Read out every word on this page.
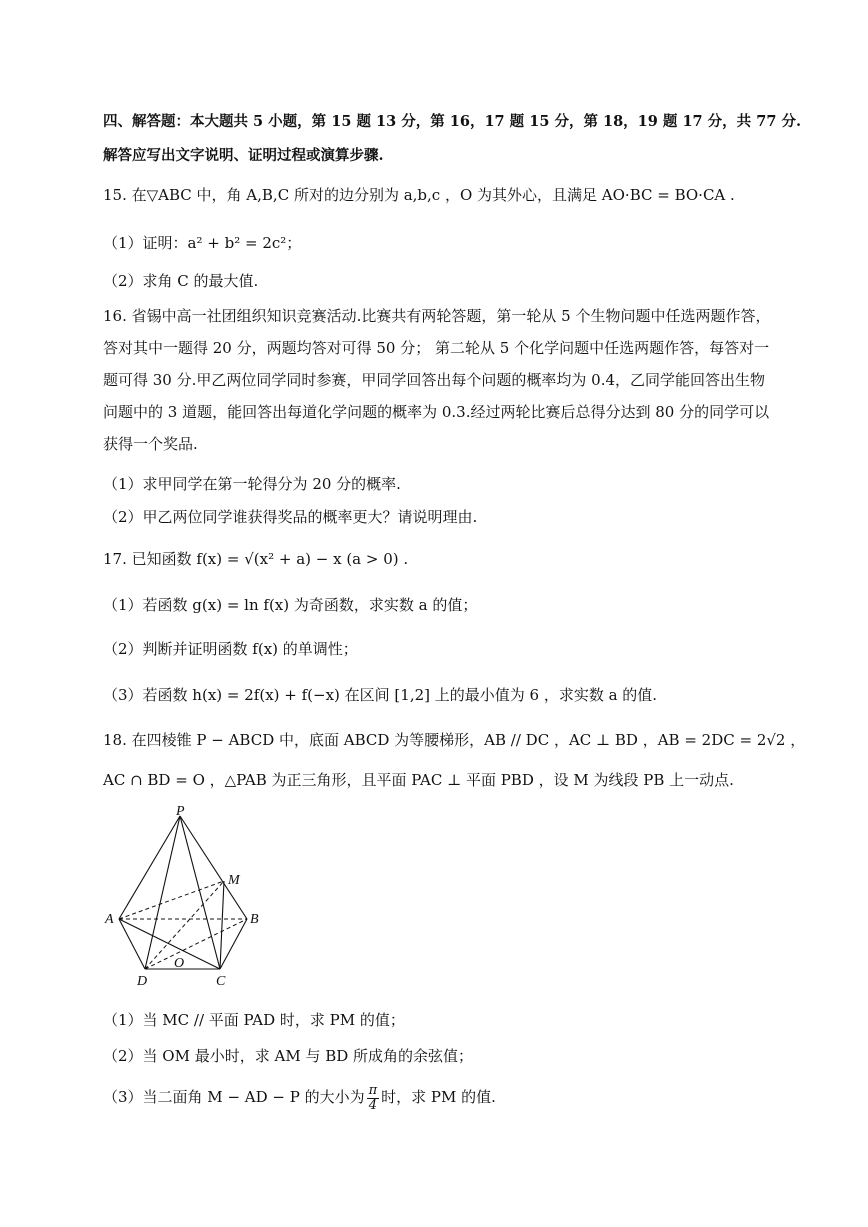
四、解答题：本大题共 5 小题，第 15 题 13 分，第 16，17 题 15 分，第 18，19 题 17 分，共 77 分.
解答应写出文字说明、证明过程或演算步骤.
15. 在▽ABC 中，角 A,B,C 所对的边分别为 a,b,c ，O 为其外心，且满足 AO·BC = BO·CA .
（1）证明：a² + b² = 2c²；
（2）求角 C 的最大值.
16. 省锡中高一社团组织知识竞赛活动.比赛共有两轮答题，第一轮从 5 个生物问题中任选两题作答，
答对其中一题得 20 分，两题均答对可得 50 分； 第二轮从 5 个化学问题中任选两题作答，每答对一
题可得 30 分.甲乙两位同学同时参赛，甲同学回答出每个问题的概率均为 0.4，乙同学能回答出生物
问题中的 3 道题，能回答出每道化学问题的概率为 0.3.经过两轮比赛后总得分达到 80 分的同学可以
获得一个奖品.
（1）求甲同学在第一轮得分为 20 分的概率.
（2）甲乙两位同学谁获得奖品的概率更大？请说明理由.
17. 已知函数 f(x) = √(x² + a) − x (a > 0) .
（1）若函数 g(x) = ln f(x) 为奇函数，求实数 a 的值；
（2）判断并证明函数 f(x) 的单调性；
（3）若函数 h(x) = 2f(x) + f(−x) 在区间 [1,2] 上的最小值为 6 ，求实数 a 的值.
18. 在四棱锥 P − ABCD 中，底面 ABCD 为等腰梯形，AB // DC ，AC ⊥ BD ，AB = 2DC = 2√2 ，
AC ∩ BD = O ，△PAB 为正三角形，且平面 PAC ⊥ 平面 PBD ，设 M 为线段 PB 上一动点.
P
M
A	B
O
D	C
（1）当 MC // 平面 PAD 时，求 PM 的值；
（2）当 OM 最小时，求 AM 与 BD 所成角的余弦值；
（3）当二面角 M − AD − P 的大小为 $\frac{\pi}{4}$ 时，求 PM 的值.
